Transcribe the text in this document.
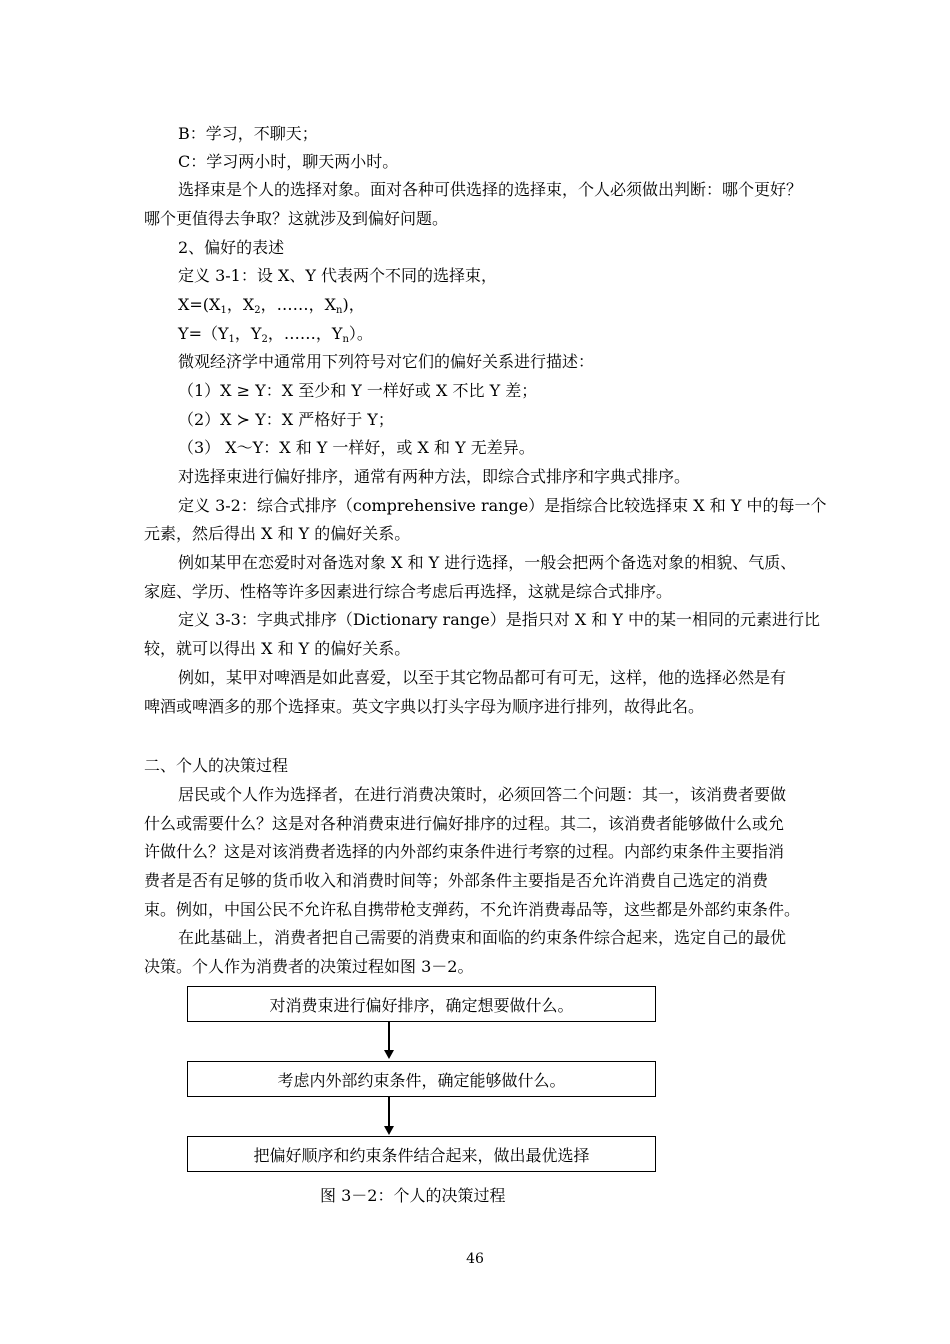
B：学习，不聊天；
C：学习两小时，聊天两小时。
选择束是个人的选择对象。面对各种可供选择的选择束，个人必须做出判断：哪个更好？
哪个更值得去争取？这就涉及到偏好问题。
2、偏好的表述
定义 3-1：设 X、Y 代表两个不同的选择束，
$X=(X_1$，$X_2$，……，$X_n$)，
$Y=(Y_1$，$Y_2$，……，$Y_n$）。
微观经济学中通常用下列符号对它们的偏好关系进行描述：
（1）X ≥ Y：X 至少和 Y 一样好或 X 不比 Y 差；
（2）X ≻ Y：X 严格好于 Y；
（3） X～Y：X 和 Y 一样好，或 X 和 Y 无差异。
对选择束进行偏好排序，通常有两种方法，即综合式排序和字典式排序。
定义 3-2：综合式排序（comprehensive range）是指综合比较选择束 X 和 Y 中的每一个
元素，然后得出 X 和 Y 的偏好关系。
例如某甲在恋爱时对备选对象 X 和 Y 进行选择，一般会把两个备选对象的相貌、气质、
家庭、学历、性格等许多因素进行综合考虑后再选择，这就是综合式排序。
定义 3-3：字典式排序（Dictionary range）是指只对 X 和 Y 中的某一相同的元素进行比
较，就可以得出 X 和 Y 的偏好关系。
例如，某甲对啤酒是如此喜爱，以至于其它物品都可有可无，这样，他的选择必然是有
啤酒或啤酒多的那个选择束。英文字典以打头字母为顺序进行排列，故得此名。
二、个人的决策过程
居民或个人作为选择者，在进行消费决策时，必须回答二个问题：其一，该消费者要做
什么或需要什么？这是对各种消费束进行偏好排序的过程。其二，该消费者能够做什么或允
许做什么？这是对该消费者选择的内外部约束条件进行考察的过程。内部约束条件主要指消
费者是否有足够的货币收入和消费时间等；外部条件主要指是否允许消费自己选定的消费
束。例如，中国公民不允许私自携带枪支弹药，不允许消费毒品等，这些都是外部约束条件。
在此基础上，消费者把自己需要的消费束和面临的约束条件综合起来，选定自己的最优
决策。个人作为消费者的决策过程如图 3－2。
对消费束进行偏好排序，确定想要做什么。
考虑内外部约束条件，确定能够做什么。
把偏好顺序和约束条件结合起来，做出最优选择
图 3－2：个人的决策过程
46
